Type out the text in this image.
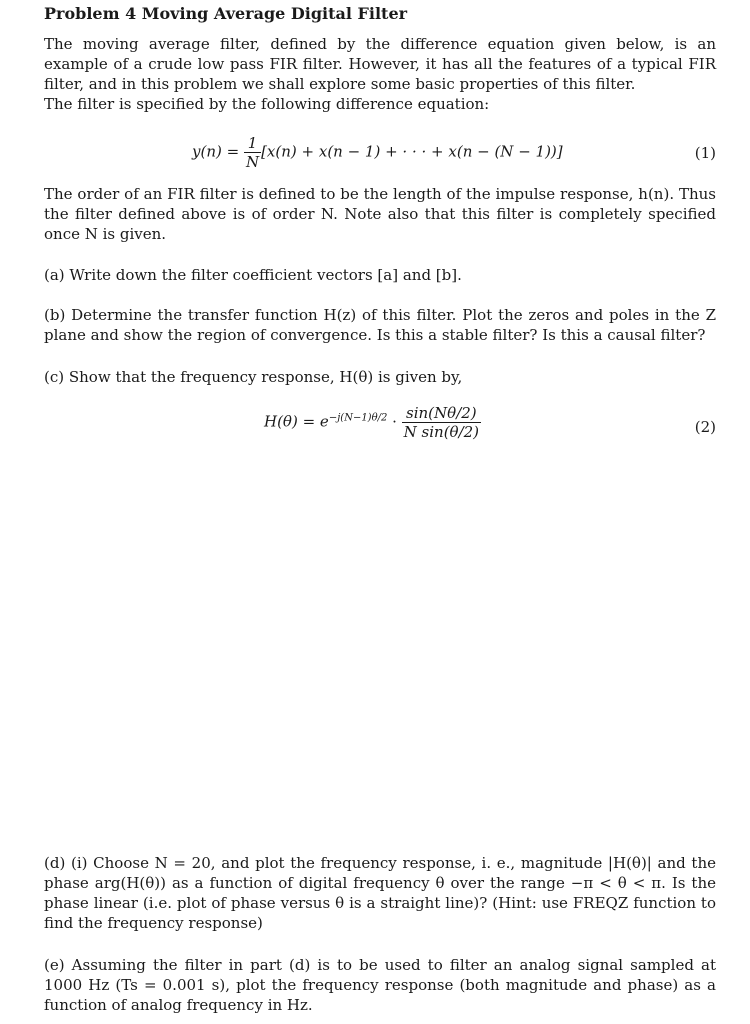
Problem 4 Moving Average Digital Filter

The moving average filter, defined by the difference equation given below, is an example of a crude low pass FIR filter. However, it has all the features of a typical FIR filter, and in this problem we shall explore some basic properties of this filter.

The filter is specified by the following difference equation:

$y(n) = \frac{1}{N} [x(n) + x(n - 1)$ + · · · + x(n − (N − 1))]	(1)

The order of an FIR filter is defined to be the length of the impulse response, h(n). Thus the filter defined above is of order N. Note also that this filter is completely specified once N is given.

(a) Write down the filter coefficient vectors [a] and [b].

(b) Determine the transfer function H(z) of this filter. Plot the zeros and poles in the Z plane and show the region of convergence. Is this a stable filter? Is this a causal filter?

(c) Show that the frequency response, H(θ) is given by,

$H(\theta) = e^{-j(N-1)\theta/2} \cdot \frac{\sin(N\theta/2)}{\text{N sin(θ/2)}}$	(2)

(d) (i) Choose N = 20, and plot the frequency response, i. e., magnitude |H(θ)| and the phase arg(H(θ)) as a function of digital frequency θ over the range −π < θ < π. Is the phase linear (i.e. plot of phase versus θ is a straight line)? (Hint: use FREQZ function to find the frequency response)

(e) Assuming the filter in part (d) is to be used to filter an analog signal sampled at 1000 Hz (Ts = 0.001 s), plot the frequency response (both magnitude and phase) as a function of analog frequency in Hz.
